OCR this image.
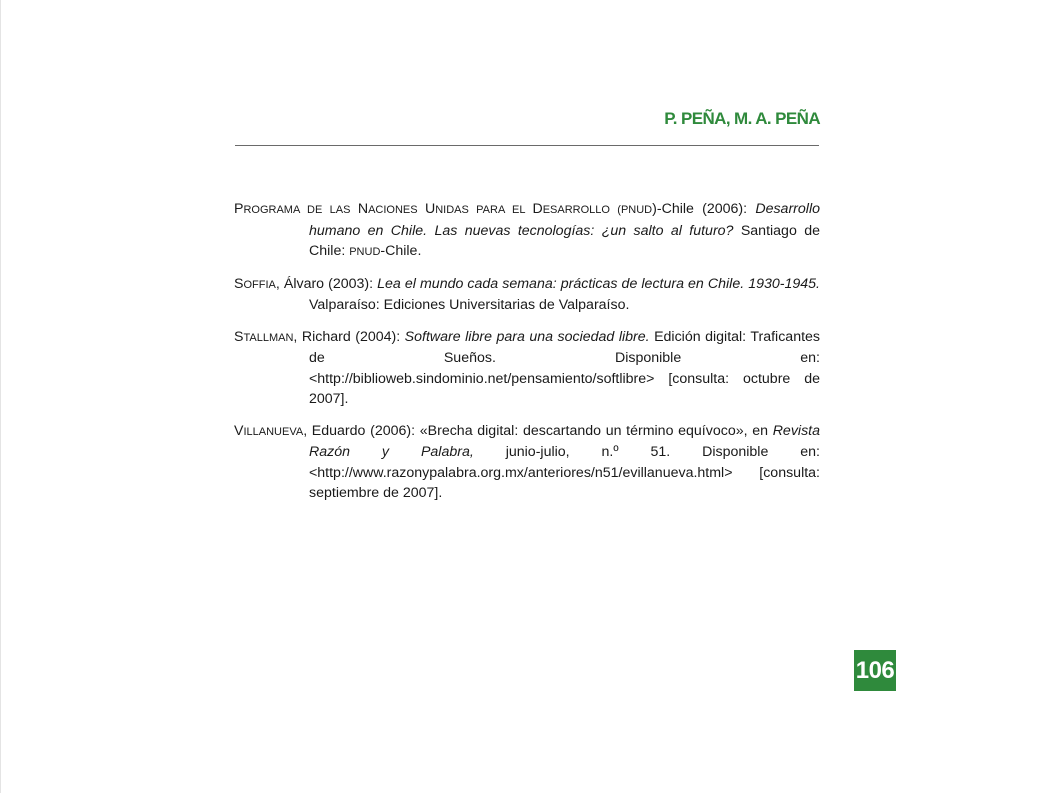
P. PEÑA, M. A. PEÑA

PROGRAMA DE LAS NACIONES UNIDAS PARA EL DESARROLLO (PNUD)-Chile (2006): Desarrollo humano en Chile. Las nuevas tecnologías: ¿un salto al futuro? Santiago de Chile: PNUD-Chile.

SOFFIA, Álvaro (2003): Lea el mundo cada semana: prácticas de lectura en Chile. 1930-1945. Valparaíso: Ediciones Universitarias de Valparaíso.

STALLMAN, Richard (2004): Software libre para una sociedad libre. Edición digital: Traficantes de Sueños. Disponible en: <http://biblioweb.sindominio.net/pensamiento/softlibre> [consulta: octubre de 2007].

VILLANUEVA, Eduardo (2006): «Brecha digital: descartando un término equívoco», en Revista Razón y Palabra, junio-julio, n.º 51. Disponible en: <http://www.razonypalabra.org.mx/anteriores/n51/evillanueva.html> [consulta: septiembre de 2007].

106
